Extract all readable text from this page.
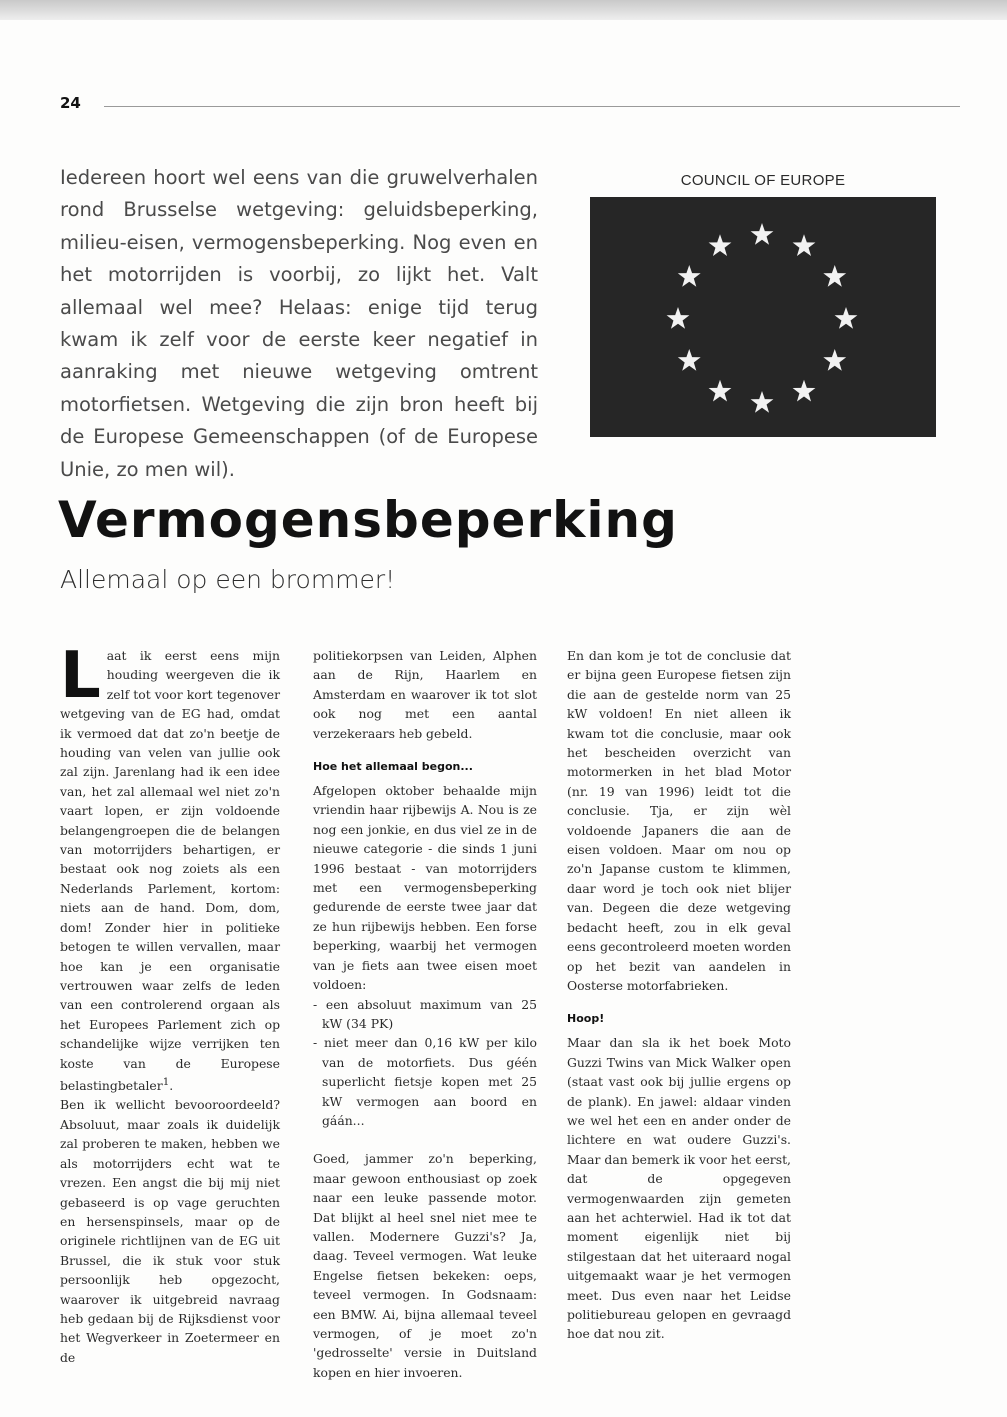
24

Iedereen hoort wel eens van die gruwelverhalen rond Brusselse wetgeving: geluidsbeperking, milieu-eisen, vermogensbeperking. Nog even en het motorrijden is voorbij, zo lijkt het. Valt allemaal wel mee? Helaas: enige tijd terug kwam ik zelf voor de eerste keer negatief in aanraking met nieuwe wetgeving omtrent motorfietsen. Wetgeving die zijn bron heeft bij de Europese Gemeenschappen (of de Europese Unie, zo men wil).

COUNCIL OF EUROPE
Vermogensbeperking
Allemaal op een brommer!

Laat ik eerst eens mijn houding weergeven die ik zelf tot voor kort tegenover wetgeving van de EG had, omdat ik vermoed dat dat zo'n beetje de houding van velen van jullie ook zal zijn. Jarenlang had ik een idee van, het zal allemaal wel niet zo'n vaart lopen, er zijn voldoende belangengroepen die de belangen van motorrijders behartigen, er bestaat ook nog zoiets als een Nederlands Parlement, kortom: niets aan de hand. Dom, dom, dom! Zonder hier in politieke betogen te willen vervallen, maar hoe kan je een organisatie vertrouwen waar zelfs de leden van een controlerend orgaan als het Europees Parlement zich op schandelijke wijze verrijken ten koste van de Europese belastingbetaler$^1$.

Ben ik wellicht bevooroordeeld? Absoluut, maar zoals ik duidelijk zal proberen te maken, hebben we als motorrijders echt wat te vrezen. Een angst die bij mij niet gebaseerd is op vage geruchten en hersenspinsels, maar op de originele richtlijnen van de EG uit Brussel, die ik stuk voor stuk persoonlijk heb opgezocht, waarover ik uitgebreid navraag heb gedaan bij de Rijksdienst voor het Wegverkeer in Zoetermeer en de

politiekorpsen van Leiden, Alphen aan de Rijn, Haarlem en Amsterdam en waarover ik tot slot ook nog met een aantal verzekeraars heb gebeld.

Hoe het allemaal begon...

Afgelopen oktober behaalde mijn vriendin haar rijbewijs A. Nou is ze nog een jonkie, en dus viel ze in de nieuwe categorie - die sinds 1 juni 1996 bestaat - van motorrijders met een vermogensbeperking gedurende de eerste twee jaar dat ze hun rijbewijs hebben. Een forse beperking, waarbij het vermogen van je fiets aan twee eisen moet voldoen:

- een absoluut maximum van 25 kW (34 PK)
- niet meer dan 0,16 kW per kilo van de motorfiets. Dus géén superlicht fietsje kopen met 25 kW vermogen aan boord en gáán...

Goed, jammer zo'n beperking, maar gewoon enthousiast op zoek naar een leuke passende motor. Dat blijkt al heel snel niet mee te vallen. Modernere Guzzi's? Ja, daag. Teveel vermogen. Wat leuke Engelse fietsen bekeken: oeps, teveel vermogen. In Godsnaam: een BMW. Ai, bijna allemaal teveel vermogen, of je moet zo'n 'gedrosselte' versie in Duitsland kopen en hier invoeren.

En dan kom je tot de conclusie dat er bijna geen Europese fietsen zijn die aan de gestelde norm van 25 kW voldoen! En niet alleen ik kwam tot die conclusie, maar ook het bescheiden overzicht van motormerken in het blad Motor (nr. 19 van 1996) leidt tot die conclusie. Tja, er zijn wèl voldoende Japaners die aan de eisen voldoen. Maar om nou op zo'n Japanse custom te klimmen, daar word je toch ook niet blijer van. Degeen die deze wetgeving bedacht heeft, zou in elk geval eens gecontroleerd moeten worden op het bezit van aandelen in Oosterse motorfabrieken.

Hoop!

Maar dan sla ik het boek Moto Guzzi Twins van Mick Walker open (staat vast ook bij jullie ergens op de plank). En jawel: aldaar vinden we wel het een en ander onder de lichtere en wat oudere Guzzi's. Maar dan bemerk ik voor het eerst, dat de opgegeven vermogenwaarden zijn gemeten aan het achterwiel. Had ik tot dat moment eigenlijk niet bij stilgestaan dat het uiteraard nogal uitgemaakt waar je het vermogen meet. Dus even naar het Leidse politiebureau gelopen en gevraagd hoe dat nou zit.
